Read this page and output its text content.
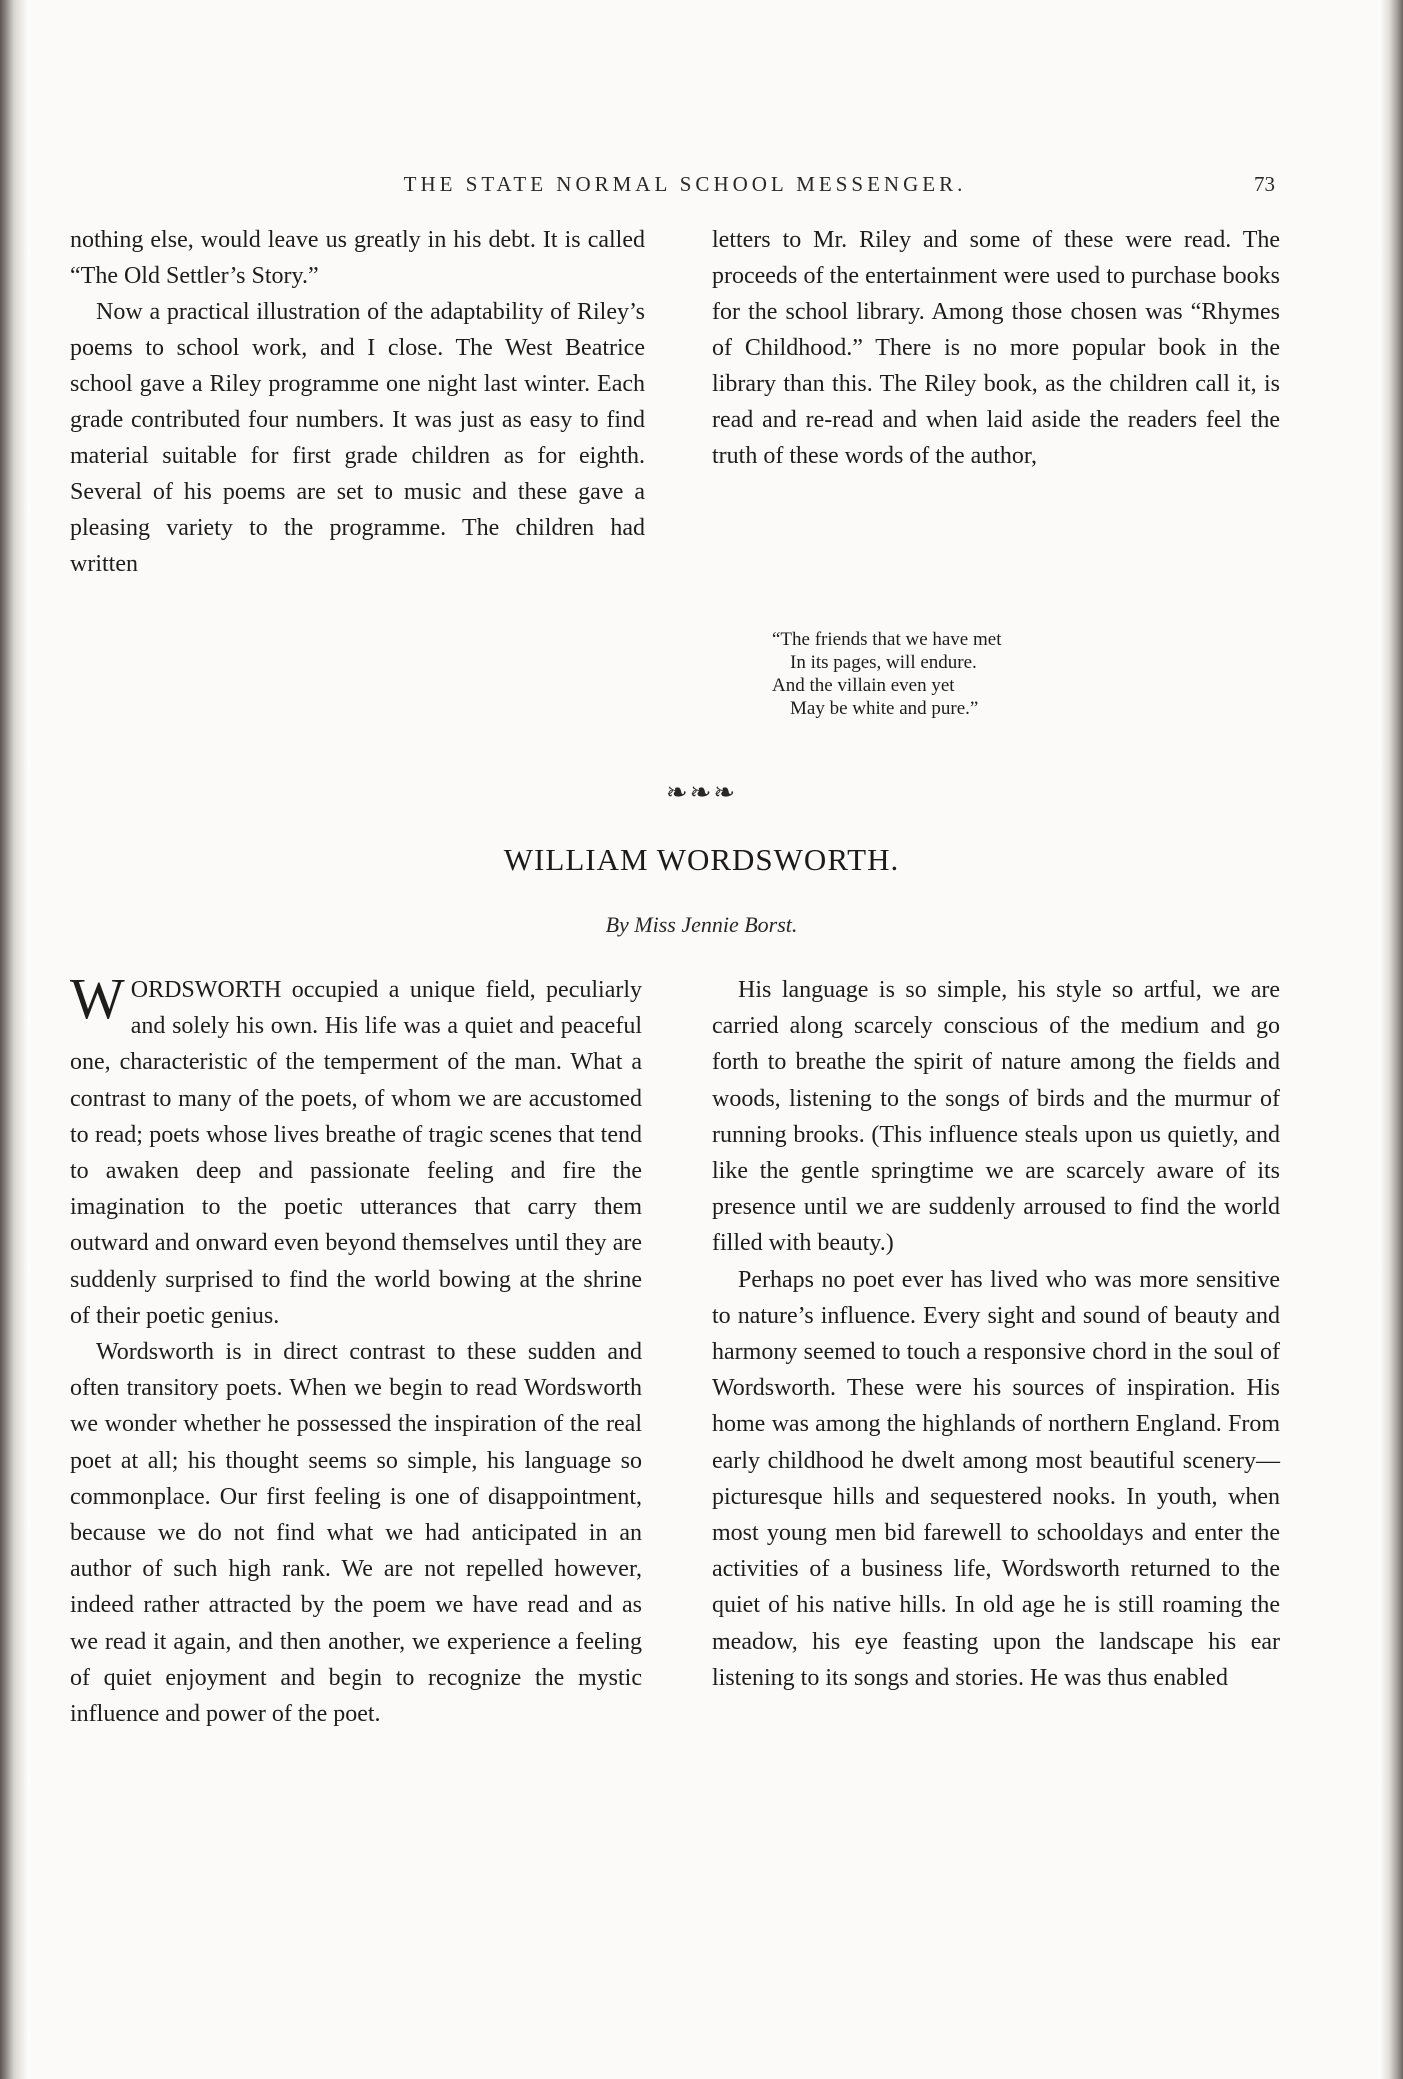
THE STATE NORMAL SCHOOL MESSENGER.	73

nothing else, would leave us greatly in his debt. It is called “The Old Settler’s Story.”

Now a practical illustration of the adaptability of Riley’s poems to school work, and I close. The West Beatrice school gave a Riley programme one night last winter. Each grade contributed four numbers. It was just as easy to find material suitable for first grade children as for eighth. Several of his poems are set to music and these gave a pleasing variety to the programme. The children had written

letters to Mr. Riley and some of these were read. The proceeds of the entertainment were used to purchase books for the school library. Among those chosen was “Rhymes of Childhood.” There is no more popular book in the library than this. The Riley book, as the children call it, is read and re-read and when laid aside the readers feel the truth of these words of the author,

“The friends that we have met
In its pages, will endure.
And the villain even yet
May be white and pure.”
❧❧❧
WILLIAM WORDSWORTH.
By Miss Jennie Borst.

WORDSWORTH occupied a unique field, peculiarly and solely his own. His life was a quiet and peaceful one, characteristic of the temperment of the man. What a contrast to many of the poets, of whom we are accustomed to read; poets whose lives breathe of tragic scenes that tend to awaken deep and passionate feeling and fire the imagination to the poetic utterances that carry them outward and onward even beyond themselves until they are suddenly surprised to find the world bowing at the shrine of their poetic genius.

Wordsworth is in direct contrast to these sudden and often transitory poets. When we begin to read Wordsworth we wonder whether he possessed the inspiration of the real poet at all; his thought seems so simple, his language so commonplace. Our first feeling is one of disappointment, because we do not find what we had anticipated in an author of such high rank. We are not repelled however, indeed rather attracted by the poem we have read and as we read it again, and then another, we experience a feeling of quiet enjoyment and begin to recognize the mystic influence and power of the poet.

His language is so simple, his style so artful, we are carried along scarcely conscious of the medium and go forth to breathe the spirit of nature among the fields and woods, listening to the songs of birds and the murmur of running brooks. (This influence steals upon us quietly, and like the gentle springtime we are scarcely aware of its presence until we are suddenly arroused to find the world filled with beauty.)

Perhaps no poet ever has lived who was more sensitive to nature’s influence. Every sight and sound of beauty and harmony seemed to touch a responsive chord in the soul of Wordsworth. These were his sources of inspiration. His home was among the highlands of northern England. From early childhood he dwelt among most beautiful scenery—picturesque hills and sequestered nooks. In youth, when most young men bid farewell to schooldays and enter the activities of a business life, Wordsworth returned to the quiet of his native hills. In old age he is still roaming the meadow, his eye feasting upon the landscape his ear listening to its songs and stories. He was thus enabled
